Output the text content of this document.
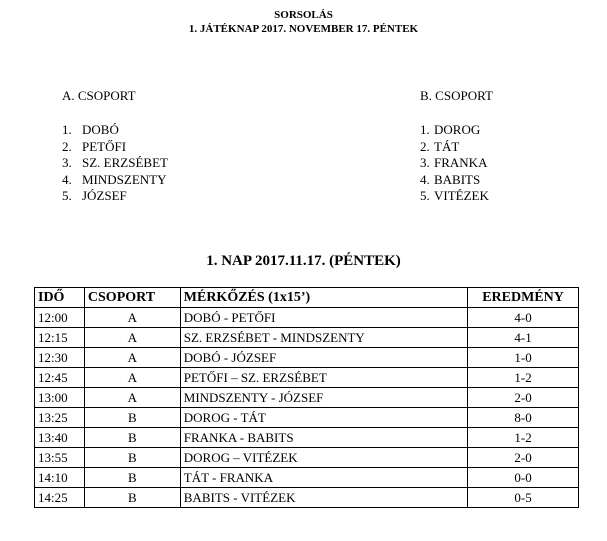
SORSOLÁS
1. JÁTÉKNAP 2017. NOVEMBER 17. PÉNTEK
A. CSOPORT
1. DOBÓ
2. PETŐFI
3. SZ. ERZSÉBET
4. MINDSZENTY
5. JÓZSEF
B. CSOPORT
1. DOROG
2. TÁT
3. FRANKA
4. BABITS
5. VITÉZEK
1. NAP 2017.11.17. (PÉNTEK)
IDŐ	CSOPORT	MÉRKŐZÉS (1x15’)	EREDMÉNY
12:00	A	DOBÓ - PETŐFI	4-0
12:15	A	SZ. ERZSÉBET - MINDSZENTY	4-1
12:30	A	DOBÓ - JÓZSEF	1-0
12:45	A	PETŐFI – SZ. ERZSÉBET	1-2
13:00	A	MINDSZENTY - JÓZSEF	2-0
13:25	B	DOROG - TÁT	8-0
13:40	B	FRANKA - BABITS	1-2
13:55	B	DOROG – VITÉZEK	2-0
14:10	B	TÁT - FRANKA	0-0
14:25	B	BABITS - VITÉZEK	0-5
